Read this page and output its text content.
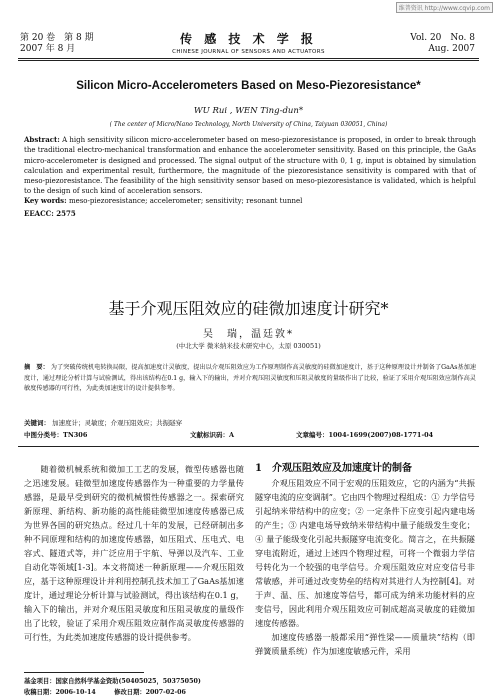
维普资讯 http://www.cqvip.com
第 20 卷　第 8 期
2007 年 8 月
传 感 技 术 学 报
CHINESE JOURNAL OF SENSORS AND ACTUATORS
Vol. 20　No. 8
Aug. 2007
Silicon Micro-Accelerometers Based on Meso-Piezoresistance*
WU Rui , WEN Ting-dun*
( The center of Micro/Nano Technology, North University of China, Taiyuan 030051, China)
Abstract: A high sensitivity silicon micro-accelerometer based on meso-piezoresistance is proposed, in order to break through the traditional electro-mechanical transformation and enhance the accelerometer sensitivity. Based on this principle, the GaAs micro-accelerometer is designed and processed. The signal output of the structure with 0, 1 g, input is obtained by simulation calculation and experimental result, furthermore, the magnitude of the piezoresistance sensitivity is compared with that of meso-piezoresistance. The feasibility of the high sensitivity sensor based on meso-piezoresistance is validated, which is helpful to the design of such kind of acceleration sensors.
Key words: meso-piezoresistance; accelerometer; sensitivity; resonant tunnel
EEACC: 2575
基于介观压阻效应的硅微加速度计研究*
吴　瑞，温廷敦*
(中北大学 微米纳米技术研究中心，太原 030051)
摘　要： 为了突破传统机电转换局限，提高加速度计灵敏度，提出以介观压阻效应为工作原理制作高灵敏度的硅微加速度计，基于这种原理设计并制备了GaAs基加速度计，通过理论分析计算与试验测试，得出该结构在0.1 g，输入下的输出，并对介观压阻灵敏度和压阻灵敏度的量级作出了比较，验证了采用介观压阻效应制作高灵敏度传感器的可行性，为此类加速度计的设计提供参考。
关键词： 加速度计；灵敏度；介观压阻效应；共振隧穿
中图分类号：TN306	文献标识码：A	文章编号：1004-1699(2007)08-1771-04

随着微机械系统和微加工工艺的发展，微型传感器也随之迅速发展。硅微型加速度传感器作为一种重要的力学量传感器，是最早受到研究的微机械惯性传感器之一。探索研究新原理、新结构、新功能的高性能硅微型加速度传感器已成为世界各国的研究热点。经过几十年的发展，已经研制出多种不同原理和结构的加速度传感器，如压阻式、压电式、电容式、隧道式等，并广泛应用于宇航、导弹以及汽车、工业自动化等领域[1-3]。本文将简述一种新原理——介观压阻效应，基于这种原理设计并利用控制孔技术加工了GaAs基加速度计，通过理论分析计算与试验测试，得出该结构在0.1 g，输入下的输出，并对介观压阻灵敏度和压阻灵敏度的量级作出了比较，验证了采用介观压阻效应制作高灵敏度传感器的可行性，为此类加速度传感器的设计提供参考。

1　介观压阻效应及加速度计的制备

介观压阻效应不同于宏观的压阻效应，它的内涵为“共振隧穿电流的应变调制”。它由四个物理过程组成：① 力学信号引起纳米带结构中的应变；② 一定条件下应变引起内建电场的产生；③ 内建电场导致纳米带结构中量子能级发生变化；④ 量子能级变化引起共振隧穿电流变化。简言之，在共振隧穿电流附近，通过上述四个物理过程，可将一个微弱力学信号转化为一个较强的电学信号。介观压阻效应对应变信号非常敏感，并可通过改变势垒的结构对其进行人为控制[4]。对于声、温、压、加速度等信号，都可成为纳米功能材料的应变信号，因此利用介观压阻效应可制成超高灵敏度的硅微加速度传感器。

加速度传感器一般都采用“弹性梁——质量块”结构（即弹簧质量系统）作为加速度敏感元件，采用

基金项目：国家自然科学基金资助(50405025，50375050)
收稿日期：2006-10-14	修改日期：2007-02-06
